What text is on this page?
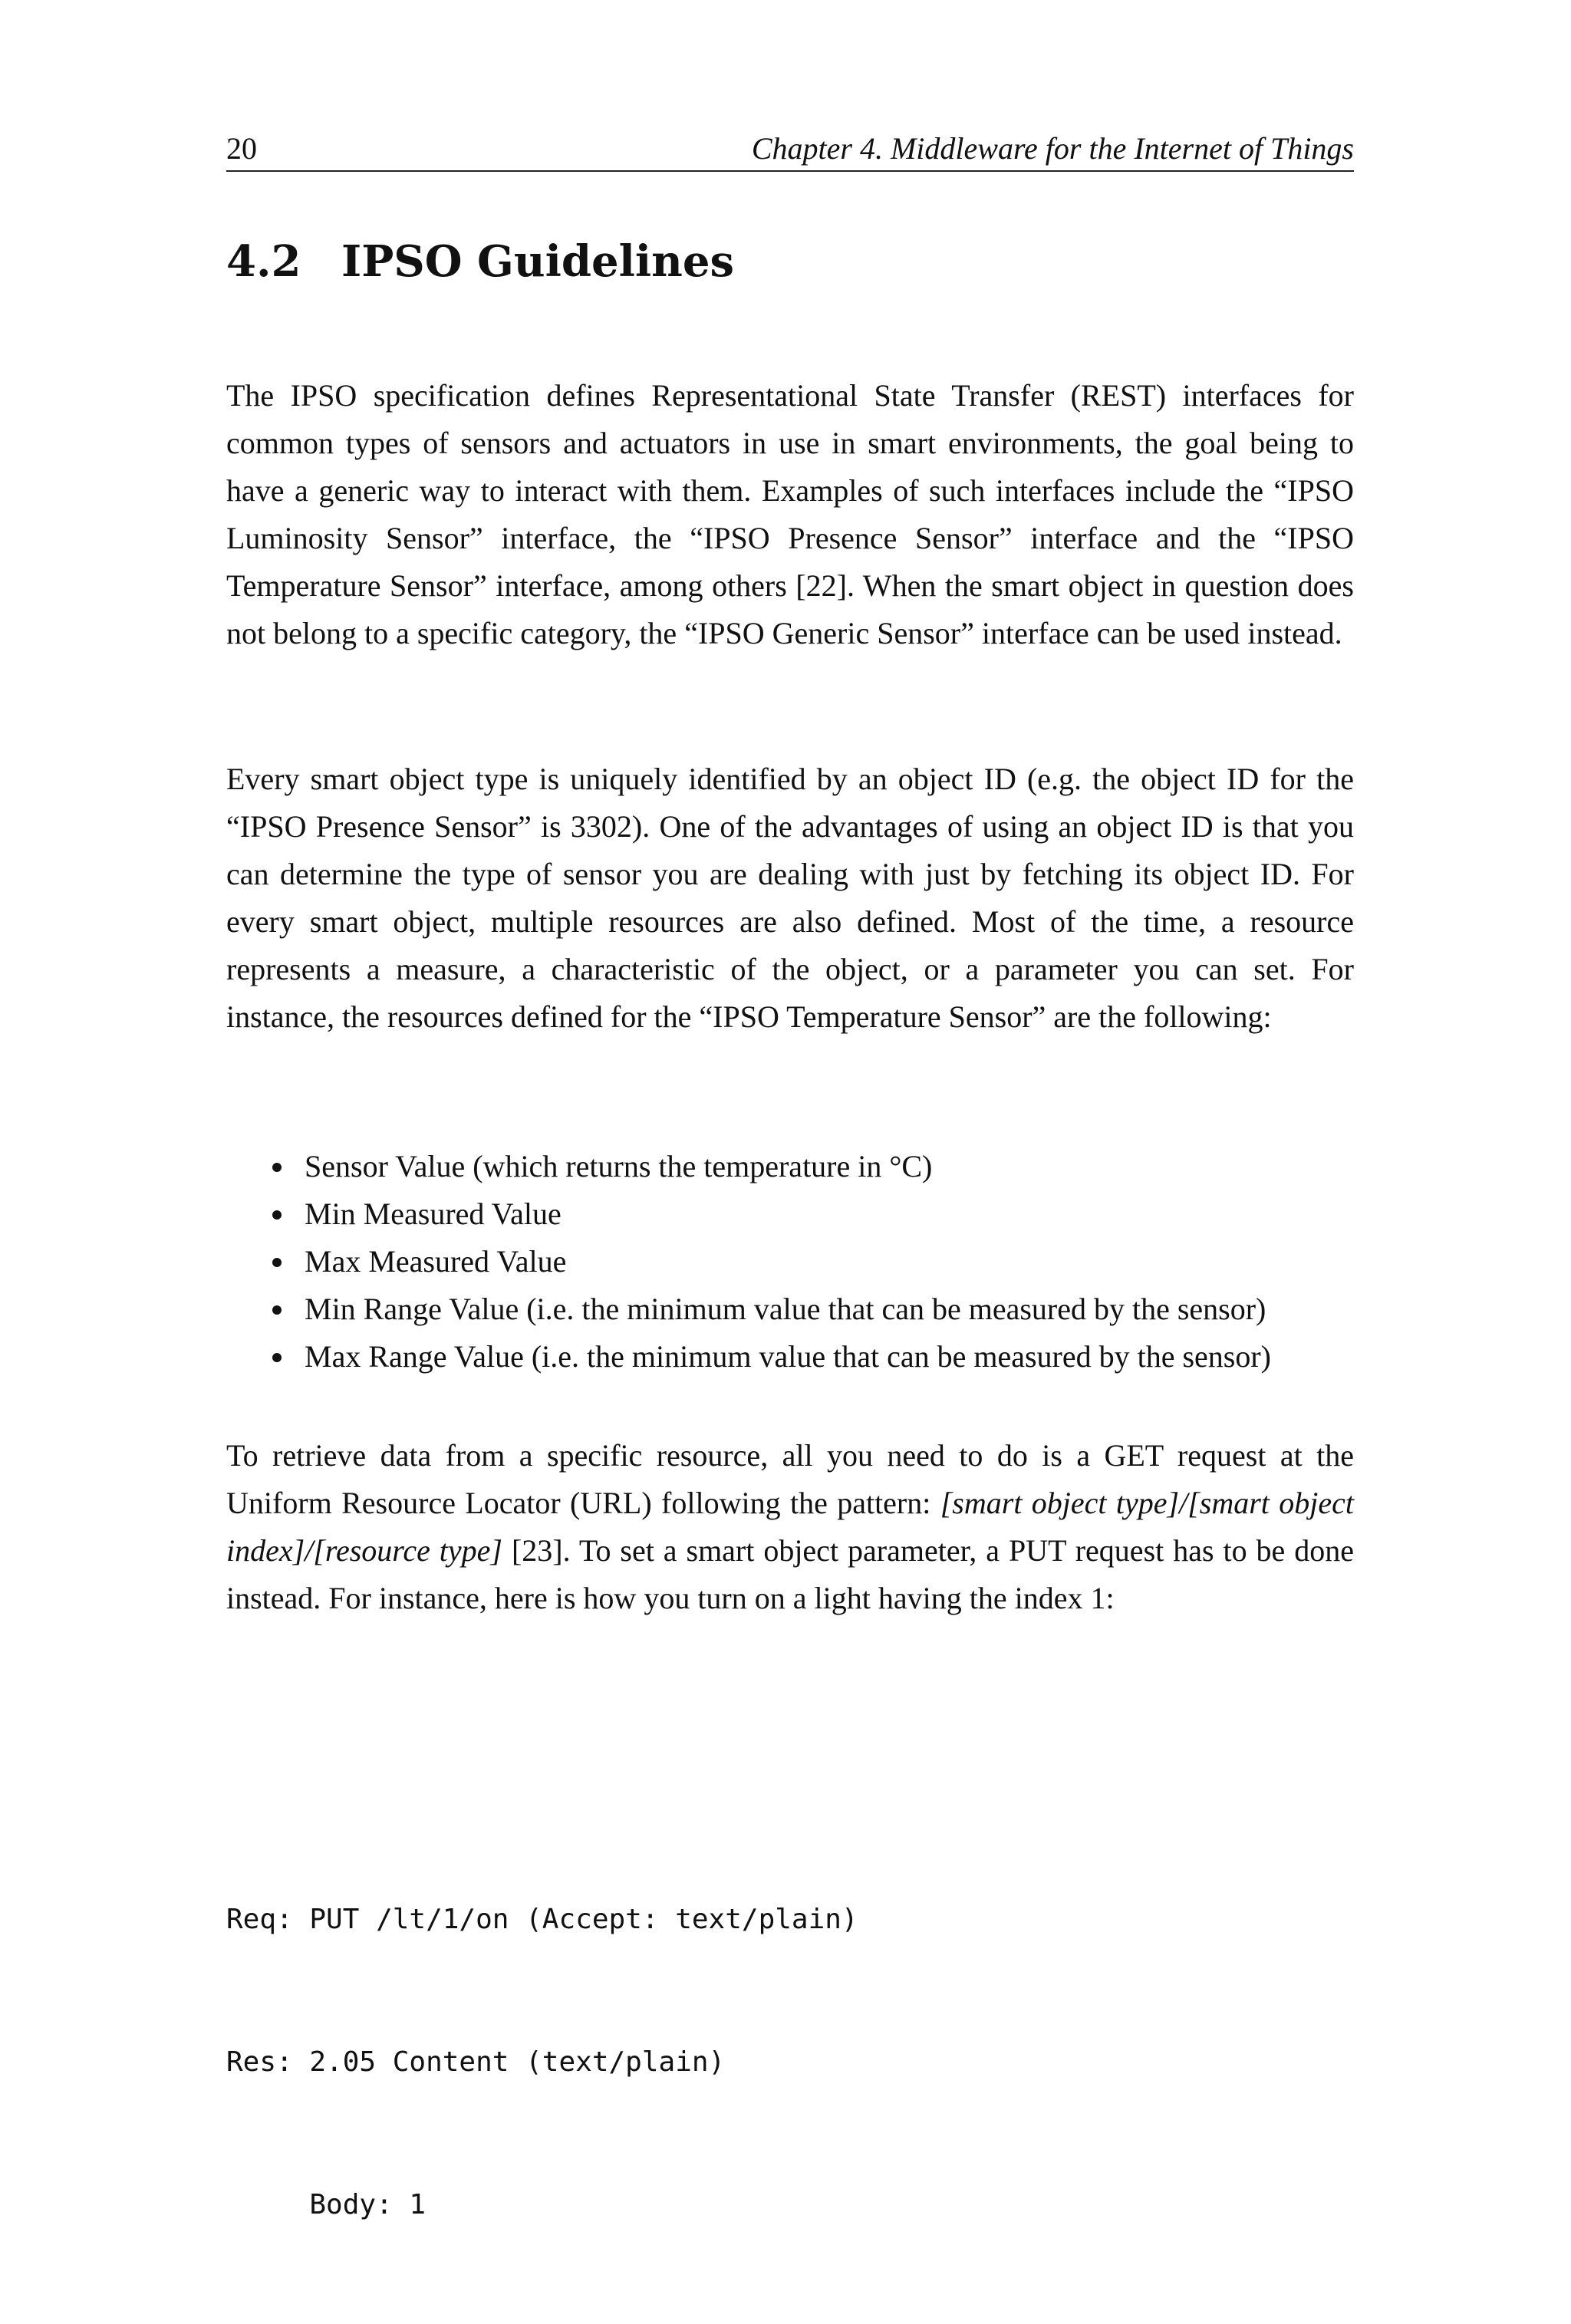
20	Chapter 4. Middleware for the Internet of Things
4.2 IPSO Guidelines

The IPSO specification defines Representational State Transfer (REST) interfaces for common types of sensors and actuators in use in smart environments, the goal being to have a generic way to interact with them. Examples of such interfaces include the “IPSO Luminosity Sensor” interface, the “IPSO Presence Sensor” interface and the “IPSO Temperature Sensor” interface, among others [22]. When the smart object in question does not belong to a specific category, the “IPSO Generic Sensor” interface can be used instead.

Every smart object type is uniquely identified by an object ID (e.g. the object ID for the “IPSO Presence Sensor” is 3302). One of the advantages of using an object ID is that you can determine the type of sensor you are dealing with just by fetching its object ID. For every smart object, multiple resources are also defined. Most of the time, a resource represents a measure, a characteristic of the object, or a parameter you can set. For instance, the resources defined for the “IPSO Temperature Sensor” are the following:

Sensor Value (which returns the temperature in °C)
Min Measured Value
Max Measured Value
Min Range Value (i.e. the minimum value that can be measured by the sensor)
Max Range Value (i.e. the minimum value that can be measured by the sensor)

To retrieve data from a specific resource, all you need to do is a GET request at the Uniform Resource Locator (URL) following the pattern: [smart object type]/[smart object index]/[resource type] [23]. To set a smart object parameter, a PUT request has to be done instead. For instance, here is how you turn on a light having the index 1:

Req: PUT /lt/1/on (Accept: text/plain)

Res: 2.05 Content (text/plain)

Body: 1
